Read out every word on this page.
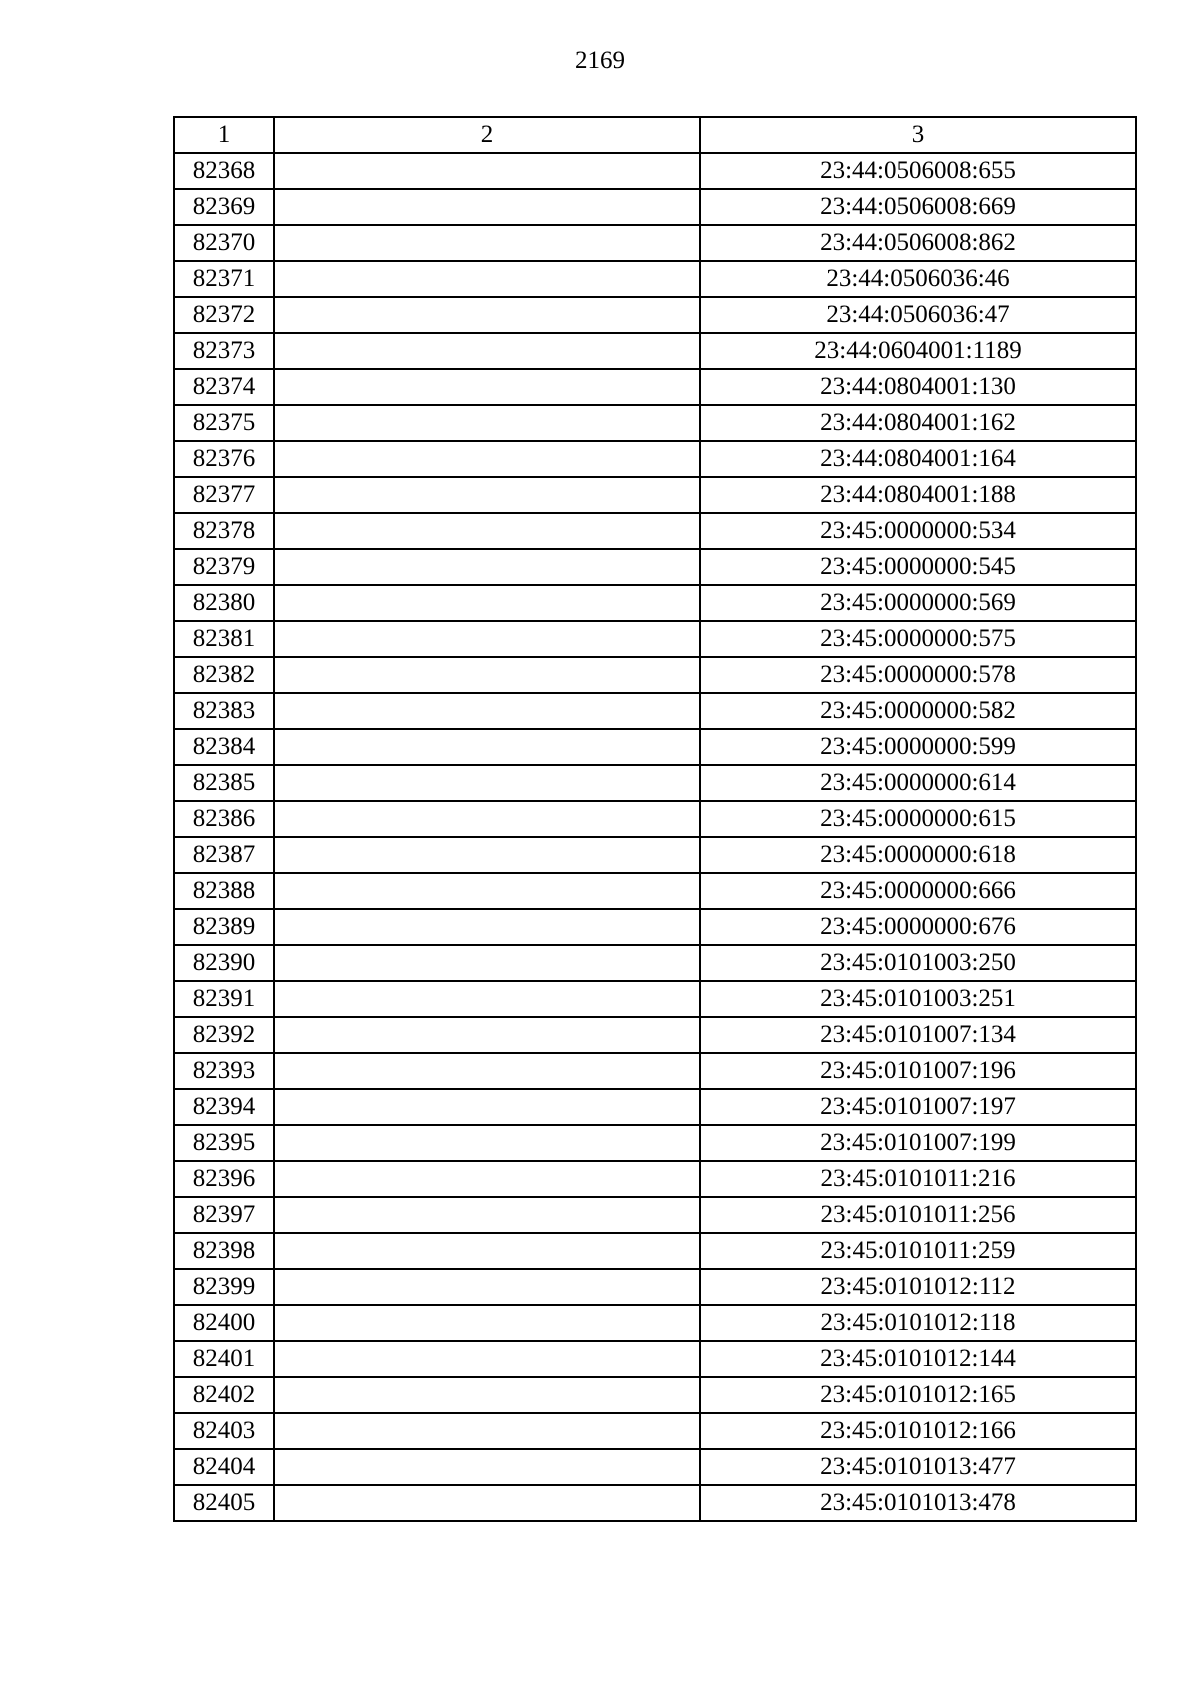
2169
1	2	3
82368		23:44:0506008:655
82369		23:44:0506008:669
82370		23:44:0506008:862
82371		23:44:0506036:46
82372		23:44:0506036:47
82373		23:44:0604001:1189
82374		23:44:0804001:130
82375		23:44:0804001:162
82376		23:44:0804001:164
82377		23:44:0804001:188
82378		23:45:0000000:534
82379		23:45:0000000:545
82380		23:45:0000000:569
82381		23:45:0000000:575
82382		23:45:0000000:578
82383		23:45:0000000:582
82384		23:45:0000000:599
82385		23:45:0000000:614
82386		23:45:0000000:615
82387		23:45:0000000:618
82388		23:45:0000000:666
82389		23:45:0000000:676
82390		23:45:0101003:250
82391		23:45:0101003:251
82392		23:45:0101007:134
82393		23:45:0101007:196
82394		23:45:0101007:197
82395		23:45:0101007:199
82396		23:45:0101011:216
82397		23:45:0101011:256
82398		23:45:0101011:259
82399		23:45:0101012:112
82400		23:45:0101012:118
82401		23:45:0101012:144
82402		23:45:0101012:165
82403		23:45:0101012:166
82404		23:45:0101013:477
82405		23:45:0101013:478
